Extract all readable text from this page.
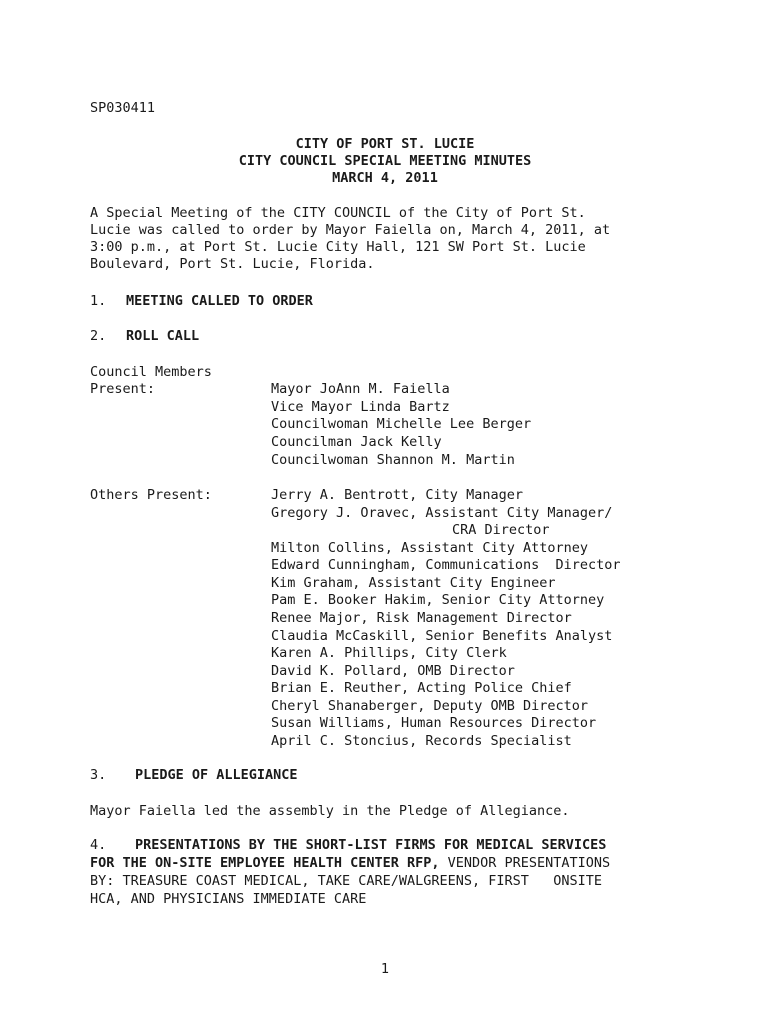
SP030411
CITY OF PORT ST. LUCIE
CITY COUNCIL SPECIAL MEETING MINUTES
MARCH 4, 2011
A Special Meeting of the CITY COUNCIL of the City of Port St.
Lucie was called to order by Mayor Faiella on, March 4, 2011, at
3:00 p.m., at Port St. Lucie City Hall, 121 SW Port St. Lucie
Boulevard, Port St. Lucie, Florida.
1. MEETING CALLED TO ORDER
2. ROLL CALL
Council Members
Present:	Mayor JoAnn M. Faiella
Vice Mayor Linda Bartz
Councilwoman Michelle Lee Berger
Councilman Jack Kelly
Councilwoman Shannon M. Martin
Others Present:	Jerry A. Bentrott, City Manager
Gregory J. Oravec, Assistant City Manager/
CRA Director
Milton Collins, Assistant City Attorney
Edward Cunningham, Communications  Director
Kim Graham, Assistant City Engineer
Pam E. Booker Hakim, Senior City Attorney
Renee Major, Risk Management Director
Claudia McCaskill, Senior Benefits Analyst
Karen A. Phillips, City Clerk
David K. Pollard, OMB Director
Brian E. Reuther, Acting Police Chief
Cheryl Shanaberger, Deputy OMB Director
Susan Williams, Human Resources Director
April C. Stoncius, Records Specialist
3. PLEDGE OF ALLEGIANCE
Mayor Faiella led the assembly in the Pledge of Allegiance.
4. PRESENTATIONS BY THE SHORT-LIST FIRMS FOR MEDICAL SERVICES
FOR THE ON-SITE EMPLOYEE HEALTH CENTER RFP, VENDOR PRESENTATIONS
BY: TREASURE COAST MEDICAL, TAKE CARE/WALGREENS, FIRST   ONSITE
HCA, AND PHYSICIANS IMMEDIATE CARE
1
